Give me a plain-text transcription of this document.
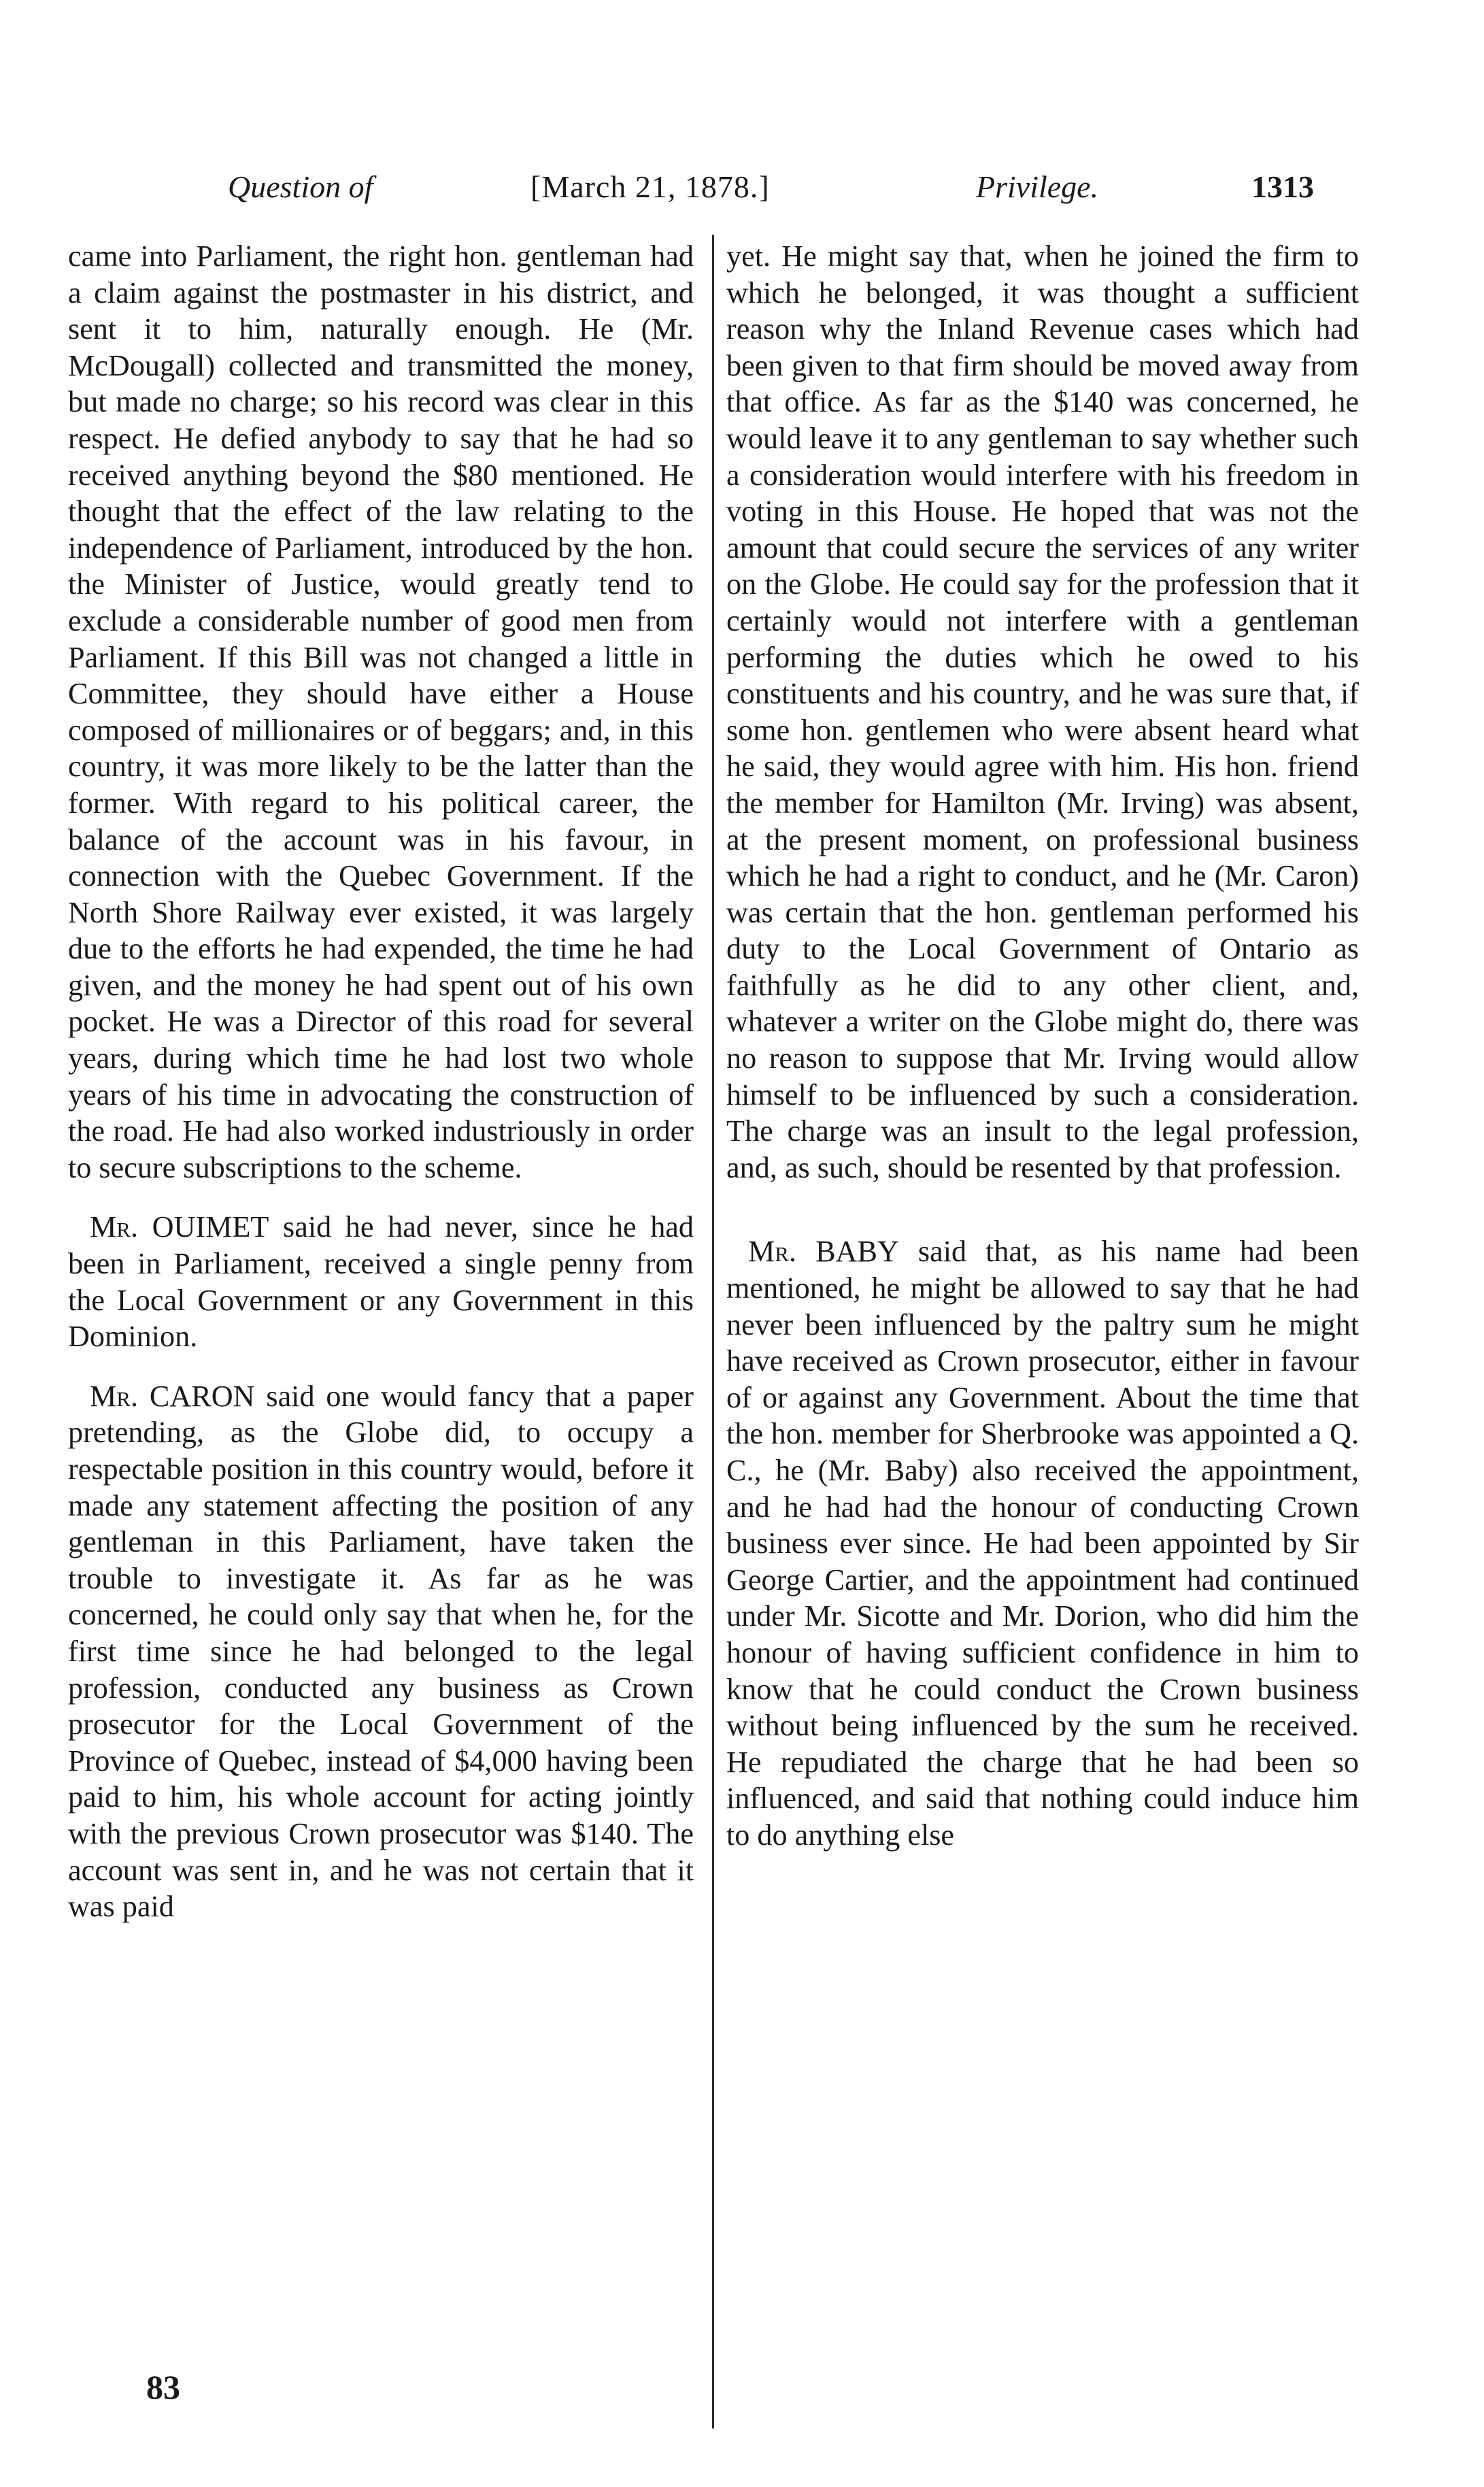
Question of	[March 21, 1878.]	Privilege.	1313

came into Parliament, the right hon. gentleman had a claim against the postmaster in his district, and sent it to him, naturally enough. He (Mr. McDougall) collected and transmitted the money, but made no charge; so his record was clear in this respect. He defied anybody to say that he had so received anything beyond the $80 mentioned. He thought that the effect of the law relating to the independence of Parliament, introduced by the hon. the Minister of Justice, would greatly tend to exclude a considerable number of good men from Parliament. If this Bill was not changed a little in Committee, they should have either a House composed of millionaires or of beggars; and, in this country, it was more likely to be the latter than the former. With regard to his political career, the balance of the account was in his favour, in connection with the Quebec Government. If the North Shore Railway ever existed, it was largely due to the efforts he had expended, the time he had given, and the money he had spent out of his own pocket. He was a Director of this road for several years, during which time he had lost two whole years of his time in advocating the construction of the road. He had also worked industriously in order to secure subscriptions to the scheme.

Mr. OUIMET said he had never, since he had been in Parliament, received a single penny from the Local Government or any Government in this Dominion.

Mr. CARON said one would fancy that a paper pretending, as the Globe did, to occupy a respectable position in this country would, before it made any statement affecting the position of any gentleman in this Parliament, have taken the trouble to investigate it. As far as he was concerned, he could only say that when he, for the first time since he had belonged to the legal profession, conducted any business as Crown prosecutor for the Local Government of the Province of Quebec, instead of $4,000 having been paid to him, his whole account for acting jointly with the previous Crown prosecutor was $140. The account was sent in, and he was not certain that it was paid

yet. He might say that, when he joined the firm to which he belonged, it was thought a sufficient reason why the Inland Revenue cases which had been given to that firm should be moved away from that office. As far as the $140 was concerned, he would leave it to any gentleman to say whether such a consideration would interfere with his freedom in voting in this House. He hoped that was not the amount that could secure the services of any writer on the Globe. He could say for the profession that it certainly would not interfere with a gentleman performing the duties which he owed to his constituents and his country, and he was sure that, if some hon. gentlemen who were absent heard what he said, they would agree with him. His hon. friend the member for Hamilton (Mr. Irving) was absent, at the present moment, on professional business which he had a right to conduct, and he (Mr. Caron) was certain that the hon. gentleman performed his duty to the Local Government of Ontario as faithfully as he did to any other client, and, whatever a writer on the Globe might do, there was no reason to suppose that Mr. Irving would allow himself to be influenced by such a consideration. The charge was an insult to the legal profession, and, as such, should be resented by that profession.

Mr. BABY said that, as his name had been mentioned, he might be allowed to say that he had never been influenced by the paltry sum he might have received as Crown prosecutor, either in favour of or against any Government. About the time that the hon. member for Sherbrooke was appointed a Q. C., he (Mr. Baby) also received the appointment, and he had had the honour of conducting Crown business ever since. He had been appointed by Sir George Cartier, and the appointment had continued under Mr. Sicotte and Mr. Dorion, who did him the honour of having sufficient confidence in him to know that he could conduct the Crown business without being influenced by the sum he received. He repudiated the charge that he had been so influenced, and said that nothing could induce him to do anything else

83
